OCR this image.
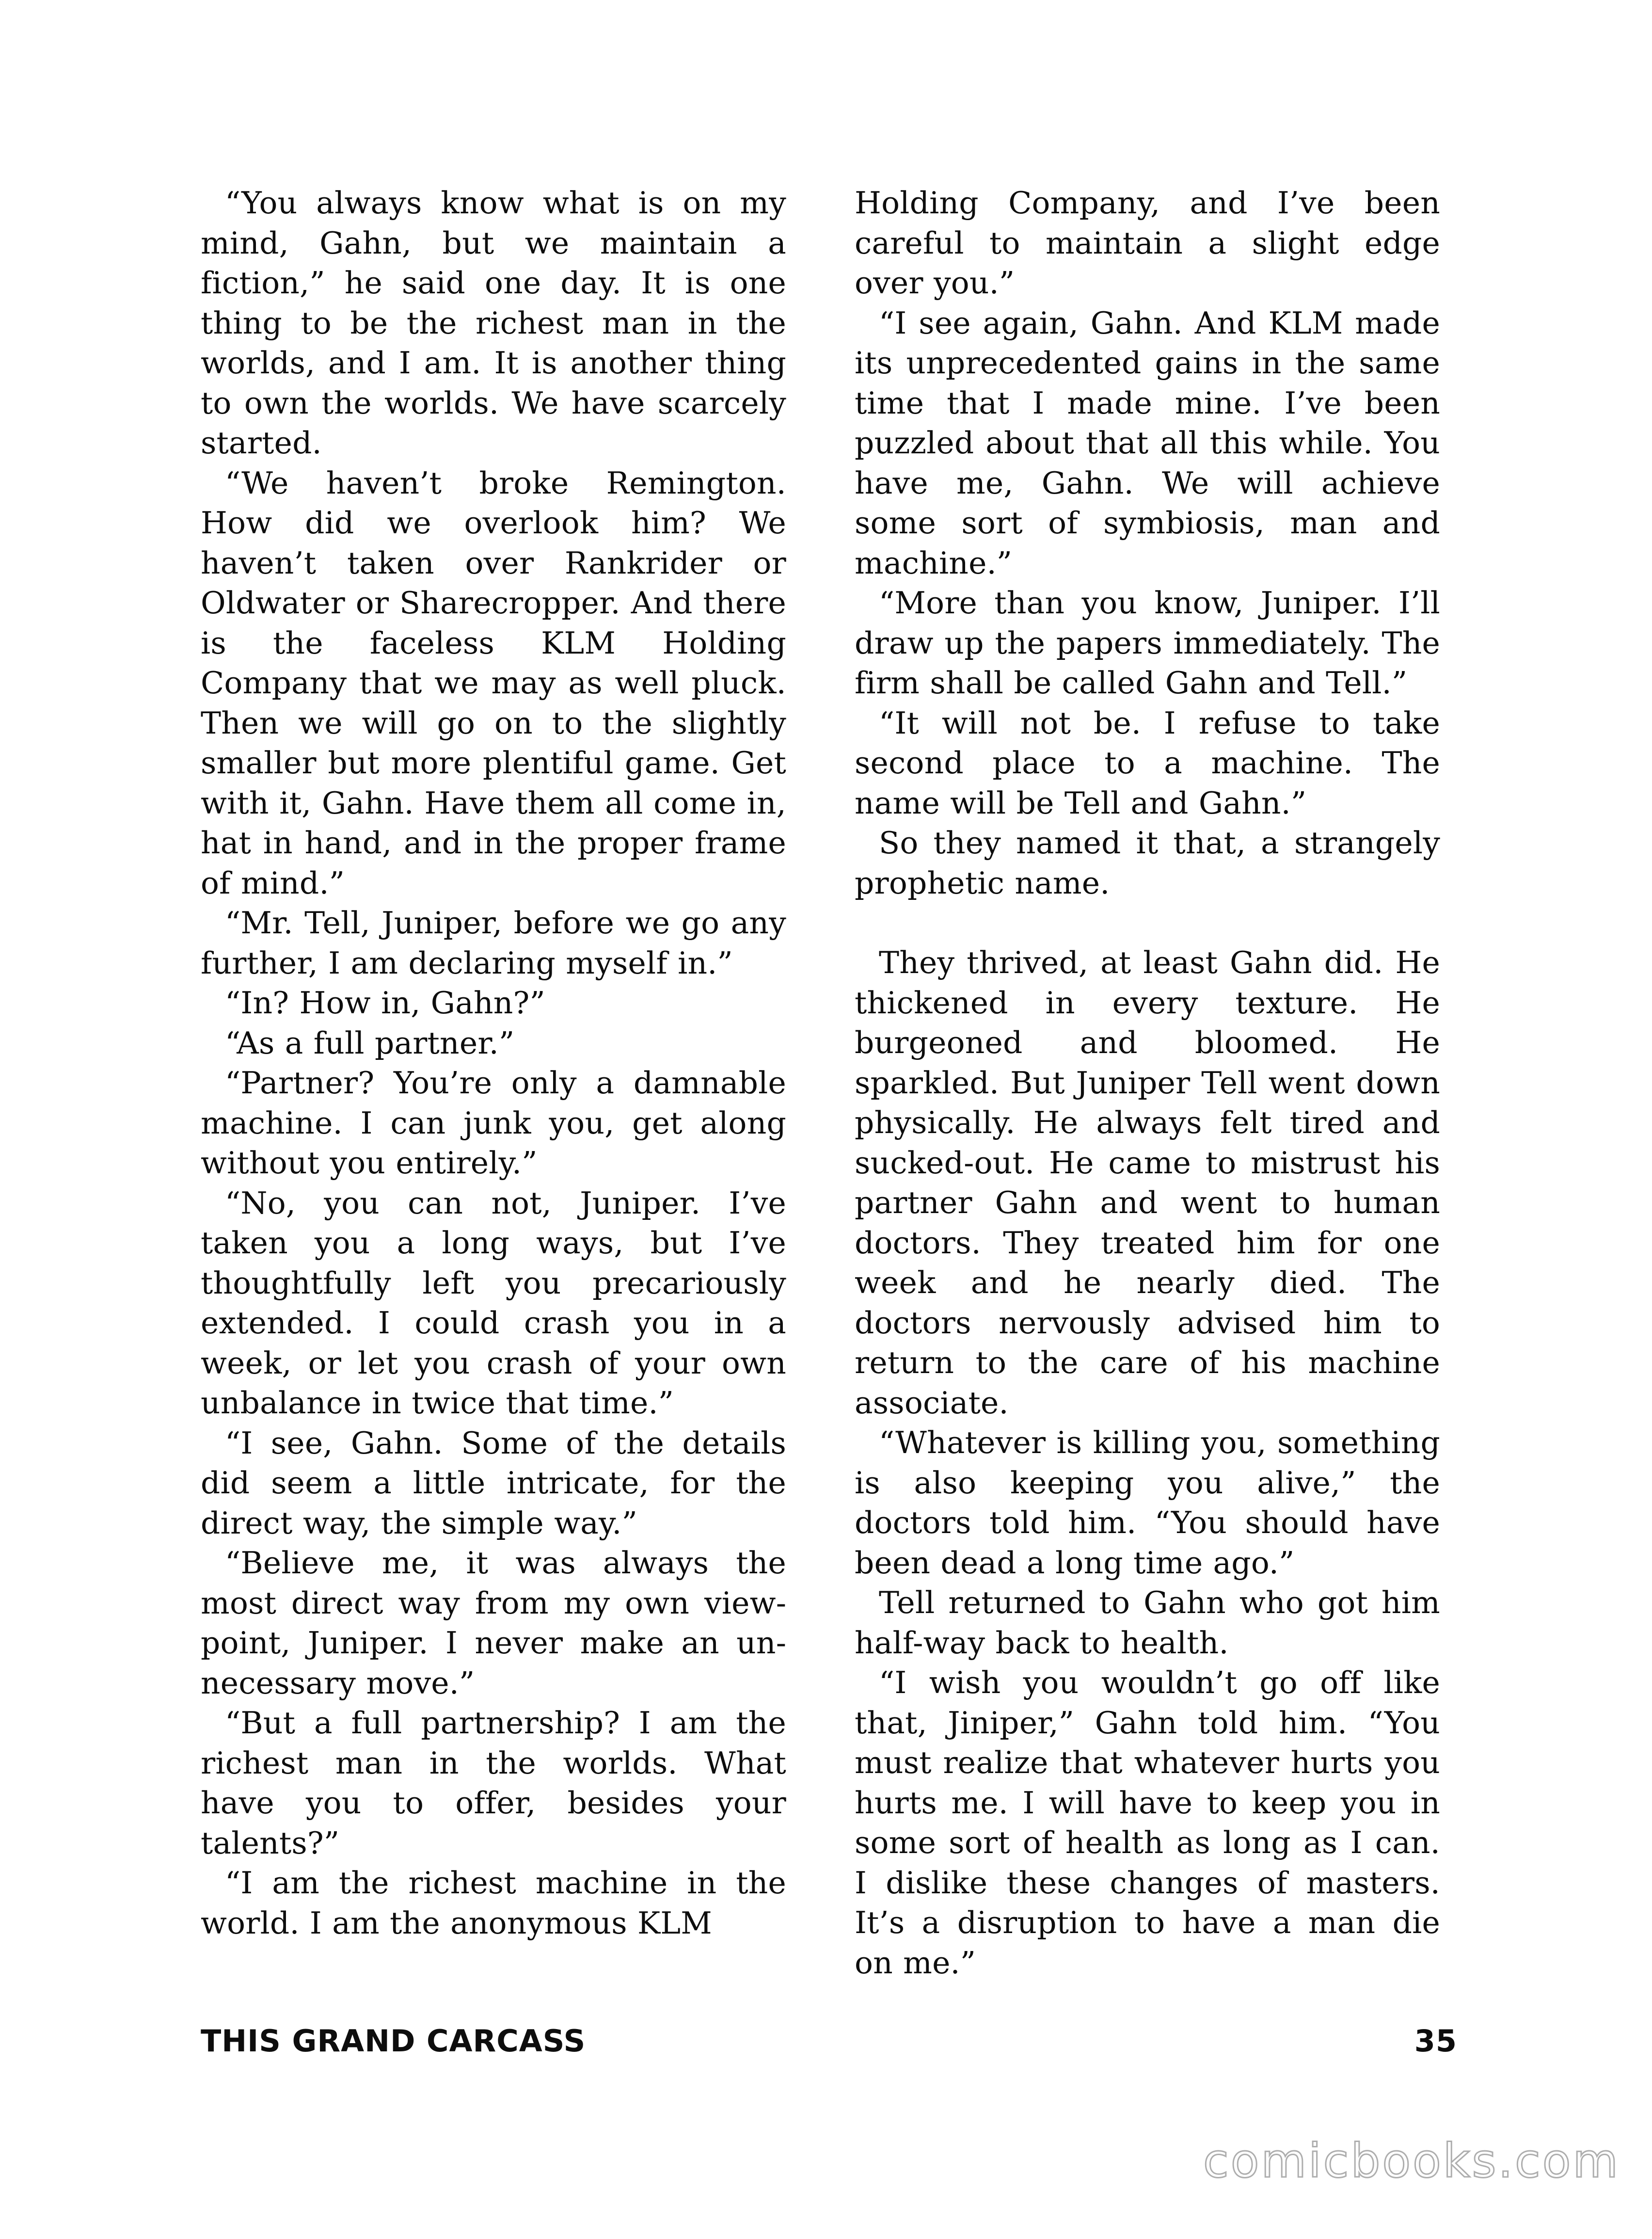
“You always know what is on my mind, Gahn, but we maintain a fiction,” he said one day. It is one thing to be the richest man in the worlds, and I am. It is another thing to own the worlds. We have scarcely started.

“We haven’t broke Remington. How did we overlook him? We haven’t taken over Rankrider or Oldwater or Sharecropper. And there is the faceless KLM Holding Company that we may as well pluck. Then we will go on to the slightly smaller but more plentiful game. Get with it, Gahn. Have them all come in, hat in hand, and in the proper frame of mind.”

“Mr. Tell, Juniper, before we go any further, I am declaring myself in.”

“In? How in, Gahn?”

“As a full partner.”

“Partner? You’re only a damnable machine. I can junk you, get along without you entirely.”

“No, you can not, Juniper. I’ve taken you a long ways, but I’ve thoughtfully left you precariously extended. I could crash you in a week, or let you crash of your own unbalance in twice that time.”

“I see, Gahn. Some of the details did seem a little intricate, for the direct way, the simple way.”

“Believe me, it was always the most direct way from my own viewpoint, Juniper. I never make an unnecessary move.”

“But a full partnership? I am the richest man in the worlds. What have you to offer, besides your talents?”

“I am the richest machine in the world. I am the anonymous KLM

Holding Company, and I’ve been careful to maintain a slight edge over you.”

“I see again, Gahn. And KLM made its unprecedented gains in the same time that I made mine. I’ve been puzzled about that all this while. You have me, Gahn. We will achieve some sort of symbiosis, man and machine.”

“More than you know, Juniper. I’ll draw up the papers immediately. The firm shall be called Gahn and Tell.”

“It will not be. I refuse to take second place to a machine. The name will be Tell and Gahn.”

So they named it that, a strangely prophetic name.

They thrived, at least Gahn did. He thickened in every texture. He burgeoned and bloomed. He sparkled. But Juniper Tell went down physically. He always felt tired and sucked-out. He came to mistrust his partner Gahn and went to human doctors. They treated him for one week and he nearly died. The doctors nervously advised him to return to the care of his machine associate.

“Whatever is killing you, something is also keeping you alive,” the doctors told him. “You should have been dead a long time ago.”

Tell returned to Gahn who got him half-way back to health.

“I wish you wouldn’t go off like that, Jiniper,” Gahn told him. “You must realize that whatever hurts you hurts me. I will have to keep you in some sort of health as long as I can. I dislike these changes of masters. It’s a disruption to have a man die on me.”

THIS GRAND CARCASS	35
comicbooks.com
